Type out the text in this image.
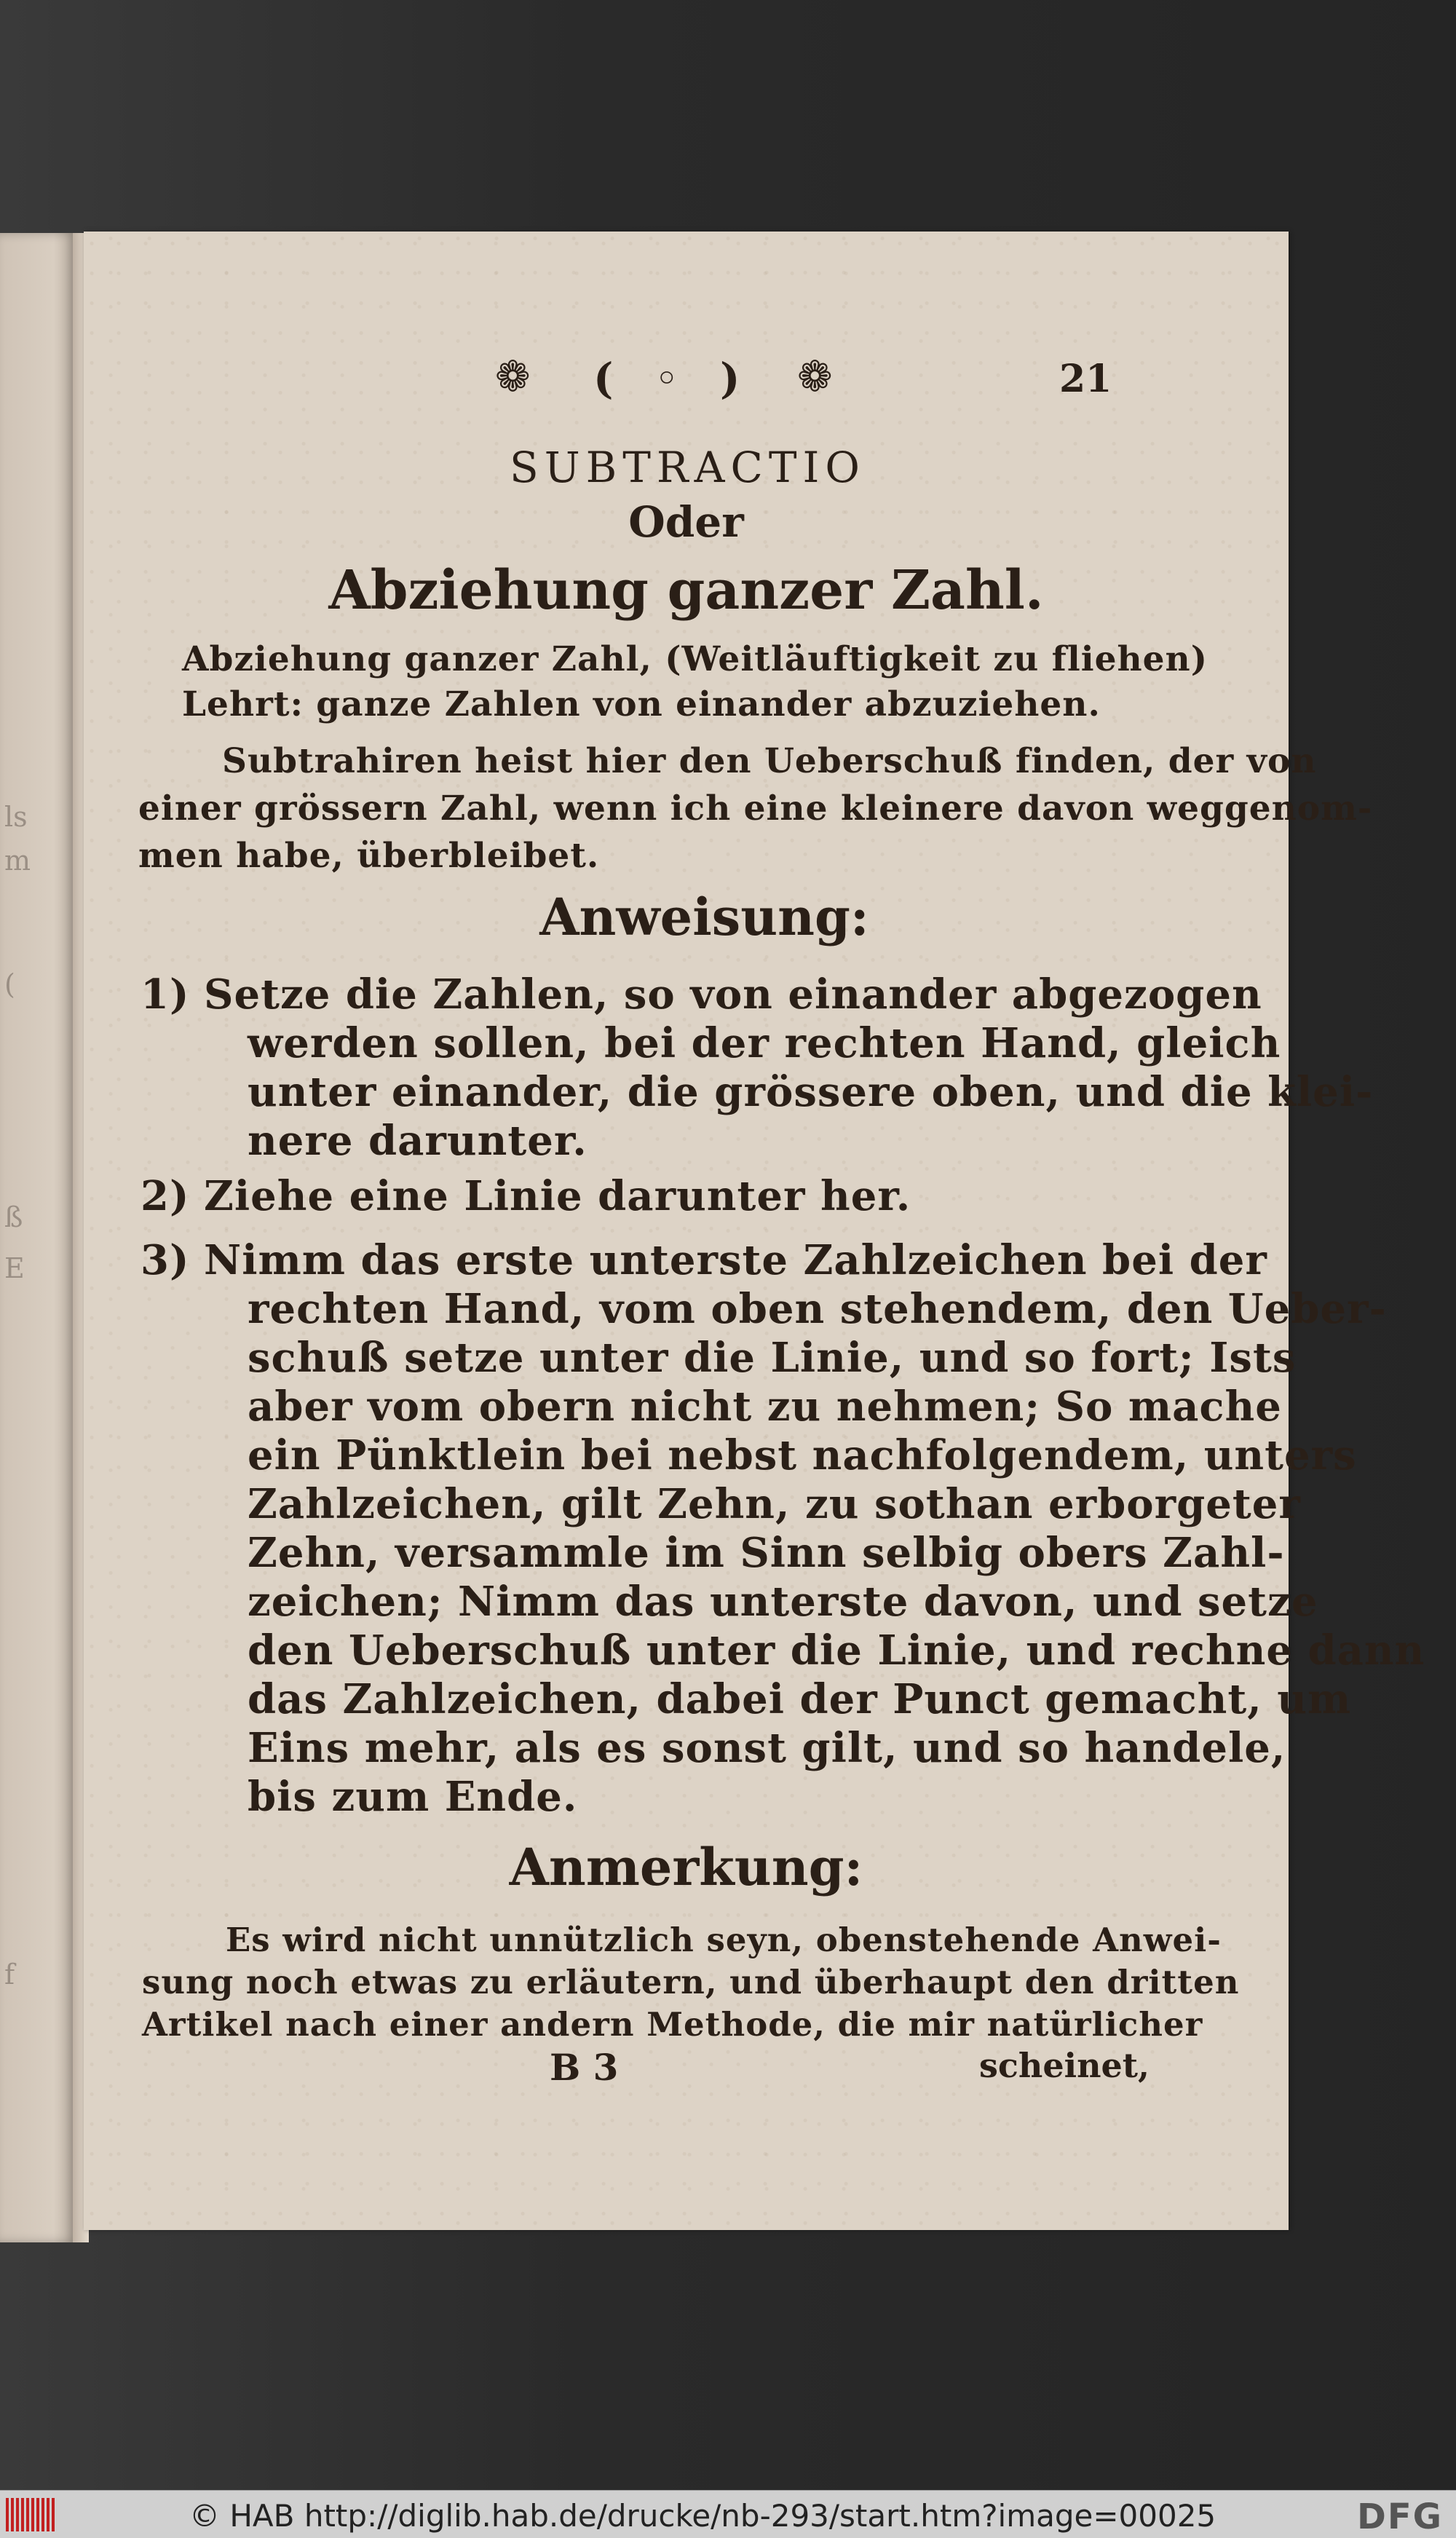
ls
m
(
ß
E
f
❁ ( ◦ ) ❁	21
SUBTRACTIO
Oder
Abziehung ganzer Zahl.
Abziehung ganzer Zahl, (Weitläuftigkeit zu fliehen)
Lehrt: ganze Zahlen von einander abzuziehen.
Subtrahiren heist hier den Ueberschuß finden, der von
einer grössern Zahl, wenn ich eine kleinere davon weggenom-
men habe, überbleibet.
Anweisung:
1) Setze die Zahlen, so von einander abgezogen
werden sollen, bei der rechten Hand, gleich
unter einander, die grössere oben, und die klei-
nere darunter.
2) Ziehe eine Linie darunter her.
3) Nimm das erste unterste Zahlzeichen bei der
rechten Hand, vom oben stehendem, den Ueber-
schuß setze unter die Linie, und so fort; Ists
aber vom obern nicht zu nehmen; So mache
ein Pünktlein bei nebst nachfolgendem, unters
Zahlzeichen, gilt Zehn, zu sothan erborgeter
Zehn, versammle im Sinn selbig obers Zahl-
zeichen; Nimm das unterste davon, und setze
den Ueberschuß unter die Linie, und rechne dann
das Zahlzeichen, dabei der Punct gemacht, um
Eins mehr, als es sonst gilt, und so handele,
bis zum Ende.
Anmerkung:
Es wird nicht unnützlich seyn, obenstehende Anwei-
sung noch etwas zu erläutern, und überhaupt den dritten
Artikel nach einer andern Methode, die mir natürlicher
B 3	scheinet,
© HAB http://diglib.hab.de/drucke/nb-293/start.htm?image=00025	DFG
